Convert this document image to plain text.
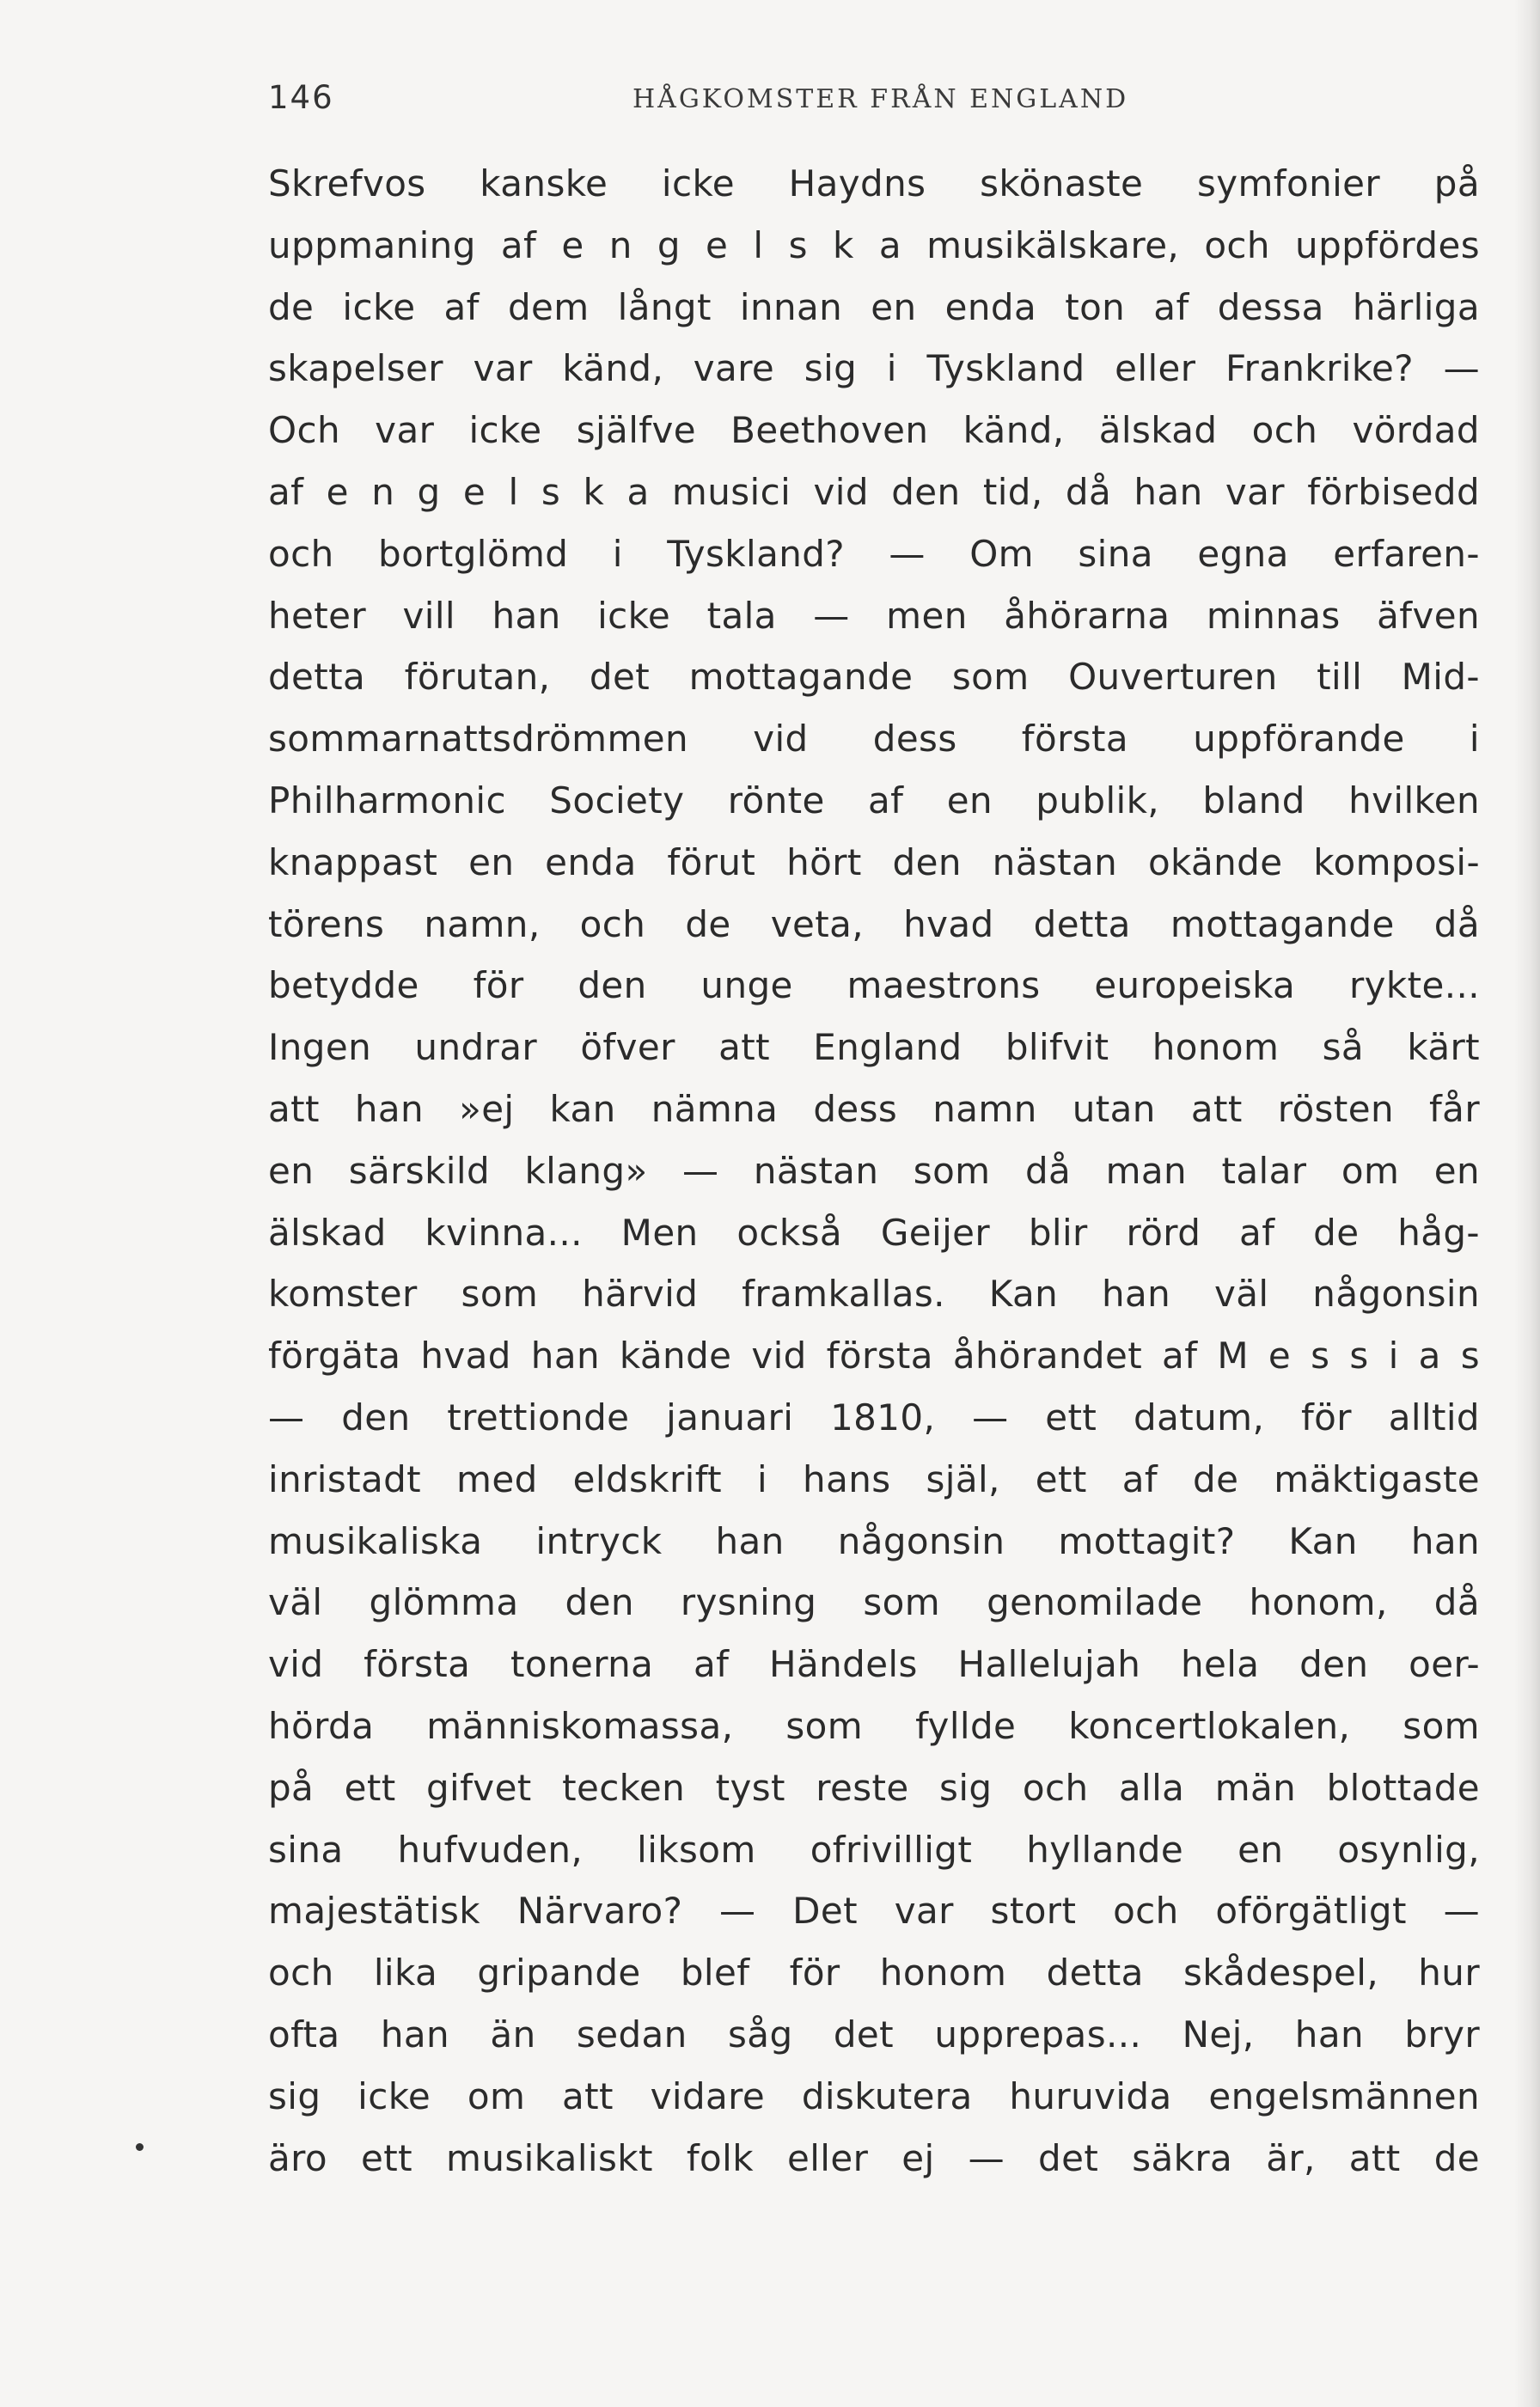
146	HÅGKOMSTER FRÅN ENGLAND
Skrefvos kanske icke Haydns skönaste symfonier på
uppmaning af e n g e l s k a musikälskare, och uppfördes
de icke af dem långt innan en enda ton af dessa härliga
skapelser var känd, vare sig i Tyskland eller Frankrike? —
Och var icke själfve Beethoven känd, älskad och vördad
af e n g e l s k a musici vid den tid, då han var förbisedd
och bortglömd i Tyskland? — Om sina egna erfaren-
heter vill han icke tala — men åhörarna minnas äfven
detta förutan, det mottagande som Ouverturen till Mid-
sommarnattsdrömmen vid dess första uppförande i
Philharmonic Society rönte af en publik, bland hvilken
knappast en enda förut hört den nästan okände komposi-
törens namn, och de veta, hvad detta mottagande då
betydde för den unge maestrons europeiska rykte...
Ingen undrar öfver att England blifvit honom så kärt
att han »ej kan nämna dess namn utan att rösten får
en särskild klang» — nästan som då man talar om en
älskad kvinna... Men också Geijer blir rörd af de håg-
komster som härvid framkallas. Kan han väl någonsin
förgäta hvad han kände vid första åhörandet af M e s s i a s
— den trettionde januari 1810, — ett datum, för alltid
inristadt med eldskrift i hans själ, ett af de mäktigaste
musikaliska intryck han någonsin mottagit? Kan han
väl glömma den rysning som genomilade honom, då
vid första tonerna af Händels Hallelujah hela den oer-
hörda människomassa, som fyllde koncertlokalen, som
på ett gifvet tecken tyst reste sig och alla män blottade
sina hufvuden, liksom ofrivilligt hyllande en osynlig,
majestätisk Närvaro? — Det var stort och oförgätligt —
och lika gripande blef för honom detta skådespel, hur
ofta han än sedan såg det upprepas... Nej, han bryr
sig icke om att vidare diskutera huruvida engelsmännen
äro ett musikaliskt folk eller ej — det säkra är, att de
